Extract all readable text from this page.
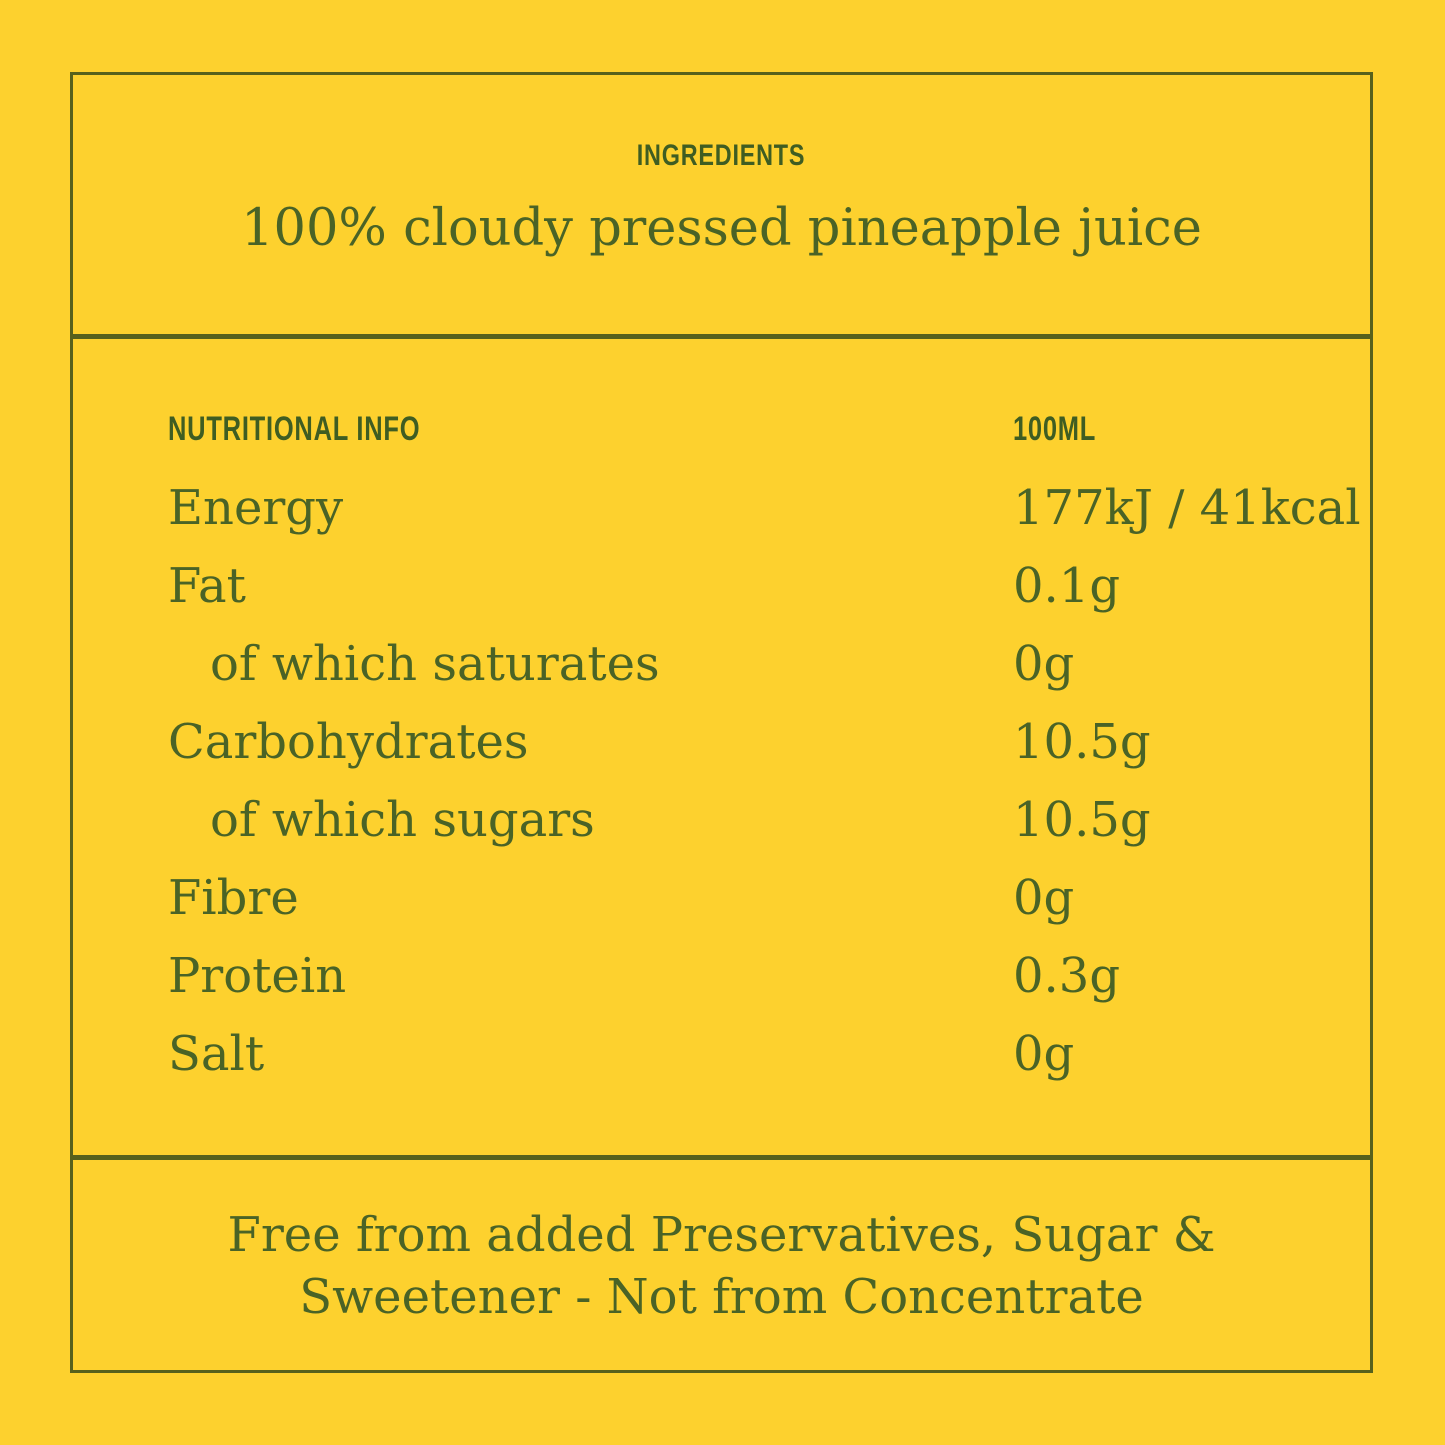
INGREDIENTS
100% cloudy pressed pineapple juice
NUTRITIONAL INFO	100ML
Energy	177kJ / 41kcal
Fat	0.1g
of which saturates	0g
Carbohydrates	10.5g
of which sugars	10.5g
Fibre	0g
Protein	0.3g
Salt	0g
Free from added Preservatives, Sugar &
Sweetener - Not from Concentrate
